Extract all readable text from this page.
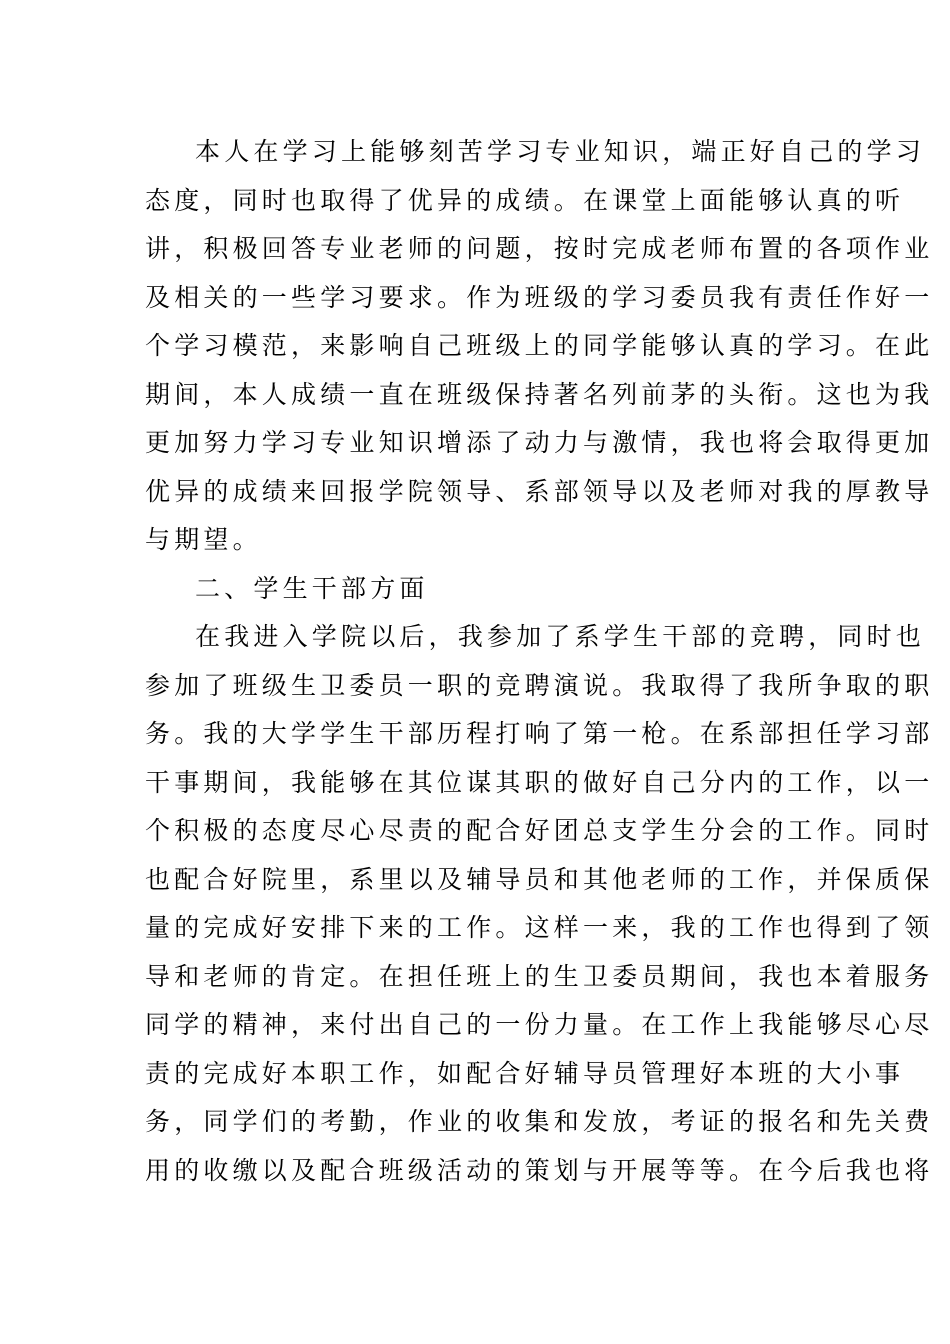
本人在学习上能够刻苦学习专业知识，端正好自己的学习
态度，同时也取得了优异的成绩。在课堂上面能够认真的听
讲，积极回答专业老师的问题，按时完成老师布置的各项作业
及相关的一些学习要求。作为班级的学习委员我有责任作好一
个学习模范，来影响自己班级上的同学能够认真的学习。在此
期间，本人成绩一直在班级保持著名列前茅的头衔。这也为我
更加努力学习专业知识增添了动力与激情，我也将会取得更加
优异的成绩来回报学院领导、系部领导以及老师对我的厚教导
与期望。
二、学生干部方面
在我进入学院以后，我参加了系学生干部的竞聘，同时也
参加了班级生卫委员一职的竞聘演说。我取得了我所争取的职
务。我的大学学生干部历程打响了第一枪。在系部担任学习部
干事期间，我能够在其位谋其职的做好自己分内的工作，以一
个积极的态度尽心尽责的配合好团总支学生分会的工作。同时
也配合好院里，系里以及辅导员和其他老师的工作，并保质保
量的完成好安排下来的工作。这样一来，我的工作也得到了领
导和老师的肯定。在担任班上的生卫委员期间，我也本着服务
同学的精神，来付出自己的一份力量。在工作上我能够尽心尽
责的完成好本职工作，如配合好辅导员管理好本班的大小事
务，同学们的考勤，作业的收集和发放，考证的报名和先关费
用的收缴以及配合班级活动的策划与开展等等。在今后我也将
